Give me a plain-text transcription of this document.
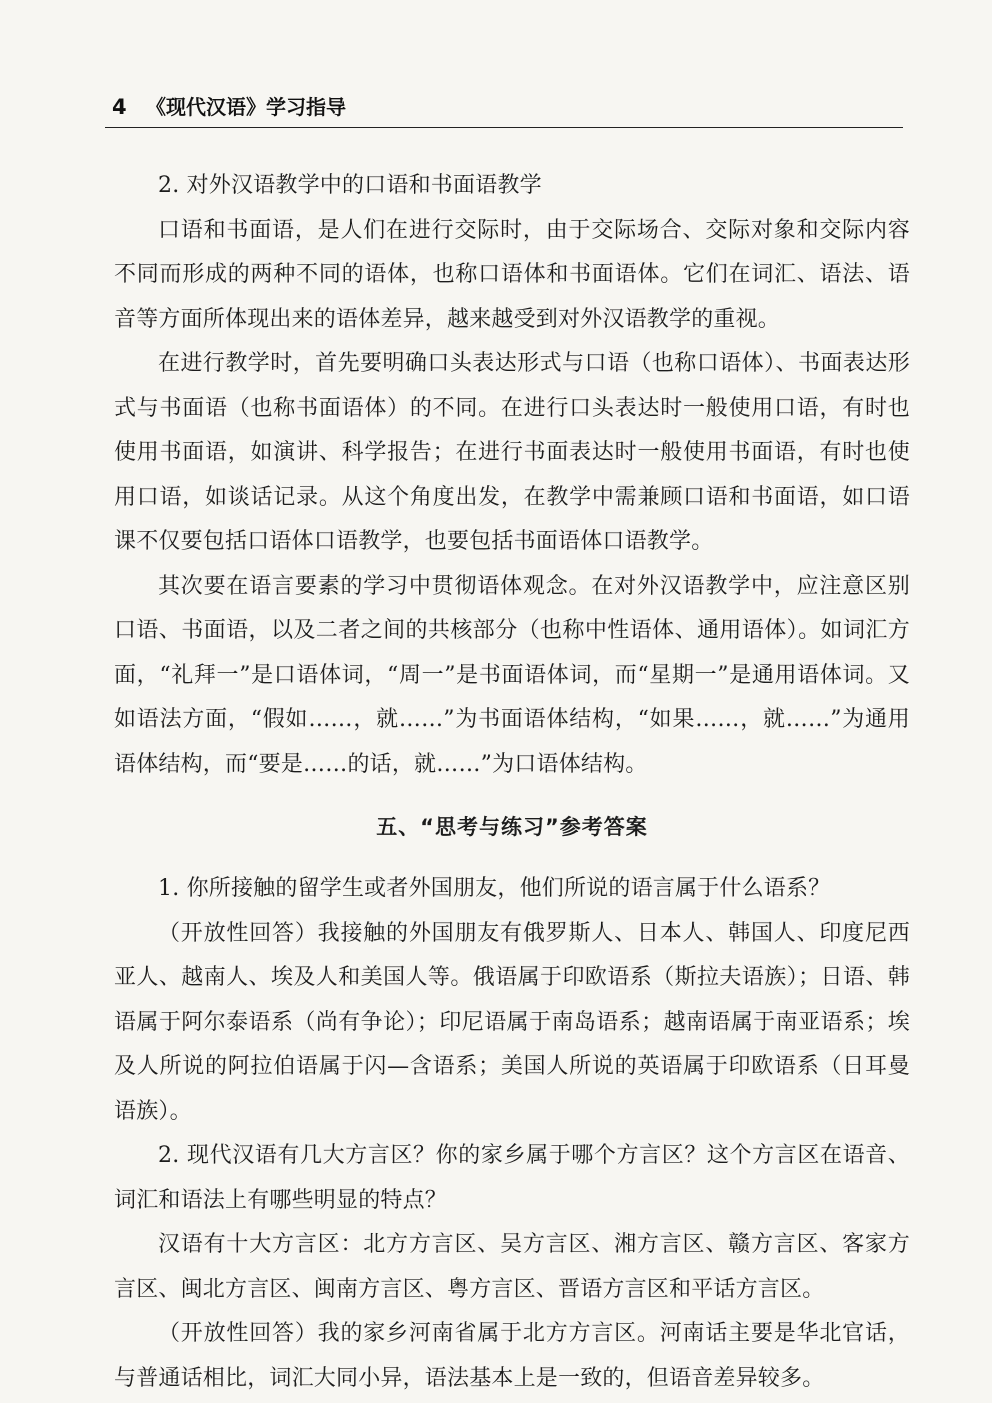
4 《现代汉语》学习指导

2. 对外汉语教学中的口语和书面语教学

口语和书面语，是人们在进行交际时，由于交际场合、交际对象和交际内容不同而形成的两种不同的语体，也称口语体和书面语体。它们在词汇、语法、语音等方面所体现出来的语体差异，越来越受到对外汉语教学的重视。

在进行教学时，首先要明确口头表达形式与口语（也称口语体）、书面表达形式与书面语（也称书面语体）的不同。在进行口头表达时一般使用口语，有时也使用书面语，如演讲、科学报告；在进行书面表达时一般使用书面语，有时也使用口语，如谈话记录。从这个角度出发，在教学中需兼顾口语和书面语，如口语课不仅要包括口语体口语教学，也要包括书面语体口语教学。

其次要在语言要素的学习中贯彻语体观念。在对外汉语教学中，应注意区别口语、书面语，以及二者之间的共核部分（也称中性语体、通用语体）。如词汇方面，“礼拜一”是口语体词，“周一”是书面语体词，而“星期一”是通用语体词。又如语法方面，“假如……，就……”为书面语体结构，“如果……，就……”为通用语体结构，而“要是……的话，就……”为口语体结构。

五、“思考与练习”参考答案

1. 你所接触的留学生或者外国朋友，他们所说的语言属于什么语系？

（开放性回答）我接触的外国朋友有俄罗斯人、日本人、韩国人、印度尼西亚人、越南人、埃及人和美国人等。俄语属于印欧语系（斯拉夫语族）；日语、韩语属于阿尔泰语系（尚有争论）；印尼语属于南岛语系；越南语属于南亚语系；埃及人所说的阿拉伯语属于闪—含语系；美国人所说的英语属于印欧语系（日耳曼语族）。

2. 现代汉语有几大方言区？你的家乡属于哪个方言区？这个方言区在语音、词汇和语法上有哪些明显的特点？

汉语有十大方言区：北方方言区、吴方言区、湘方言区、赣方言区、客家方言区、闽北方言区、闽南方言区、粤方言区、晋语方言区和平话方言区。

（开放性回答）我的家乡河南省属于北方方言区。河南话主要是华北官话，与普通话相比，词汇大同小异，语法基本上是一致的，但语音差异较多。
